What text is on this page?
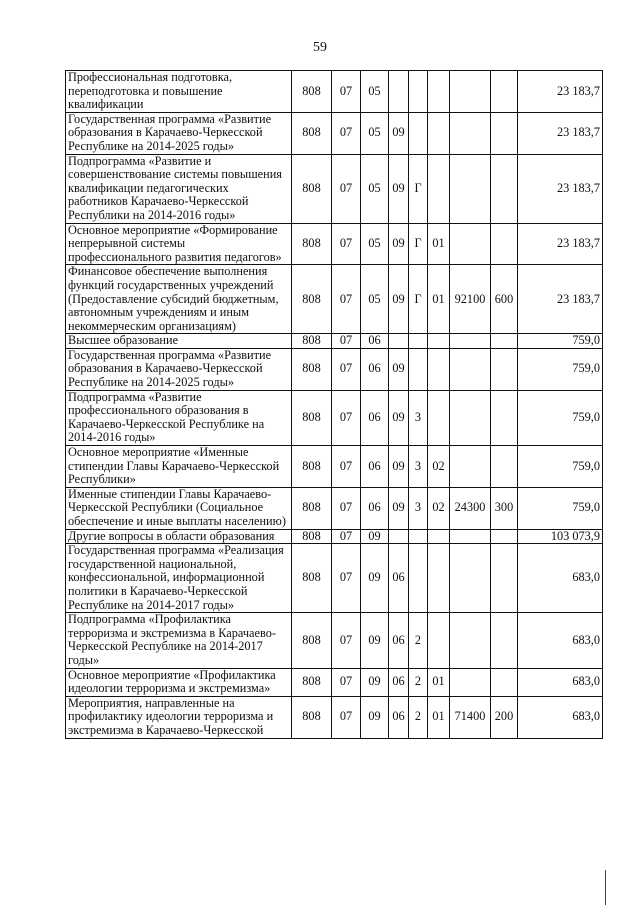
59
Профессиональная подготовка, переподготовка и повышение квалификации	808	07	05						23 183,7
Государственная программа «Развитие образования в Карачаево-Черкесской Республике на 2014-2025 годы»	808	07	05	09					23 183,7
Подпрограмма «Развитие и совершенствование системы повышения квалификации педагогических работников Карачаево-Черкесской Республики на 2014-2016 годы»	808	07	05	09	Г				23 183,7
Основное мероприятие «Формирование непрерывной системы профессионального развития педагогов»	808	07	05	09	Г	01			23 183,7
Финансовое обеспечение выполнения функций государственных учреждений (Предоставление субсидий бюджетным, автономным учреждениям и иным некоммерческим организациям)	808	07	05	09	Г	01	92100	600	23 183,7
Высшее образование	808	07	06						759,0
Государственная программа «Развитие образования в Карачаево-Черкесской Республике на 2014-2025 годы»	808	07	06	09					759,0
Подпрограмма «Развитие профессионального образования в Карачаево-Черкесской Республике на 2014-2016 годы»	808	07	06	09	3				759,0
Основное мероприятие «Именные стипендии Главы Карачаево-Черкесской Республики»	808	07	06	09	3	02			759,0
Именные стипендии Главы Карачаево-Черкесской Республики (Социальное обеспечение и иные выплаты населению)	808	07	06	09	3	02	24300	300	759,0
Другие вопросы в области образования	808	07	09						103 073,9
Государственная программа «Реализация государственной национальной, конфессиональной, информационной политики в Карачаево-Черкесской Республике на 2014-2017 годы»	808	07	09	06					683,0
Подпрограмма «Профилактика терроризма и экстремизма в Карачаево-Черкесской Республике на 2014-2017 годы»	808	07	09	06	2				683,0
Основное мероприятие «Профилактика идеологии терроризма и экстремизма»	808	07	09	06	2	01			683,0
Мероприятия, направленные на профилактику идеологии терроризма и экстремизма в Карачаево-Черкесской	808	07	09	06	2	01	71400	200	683,0
